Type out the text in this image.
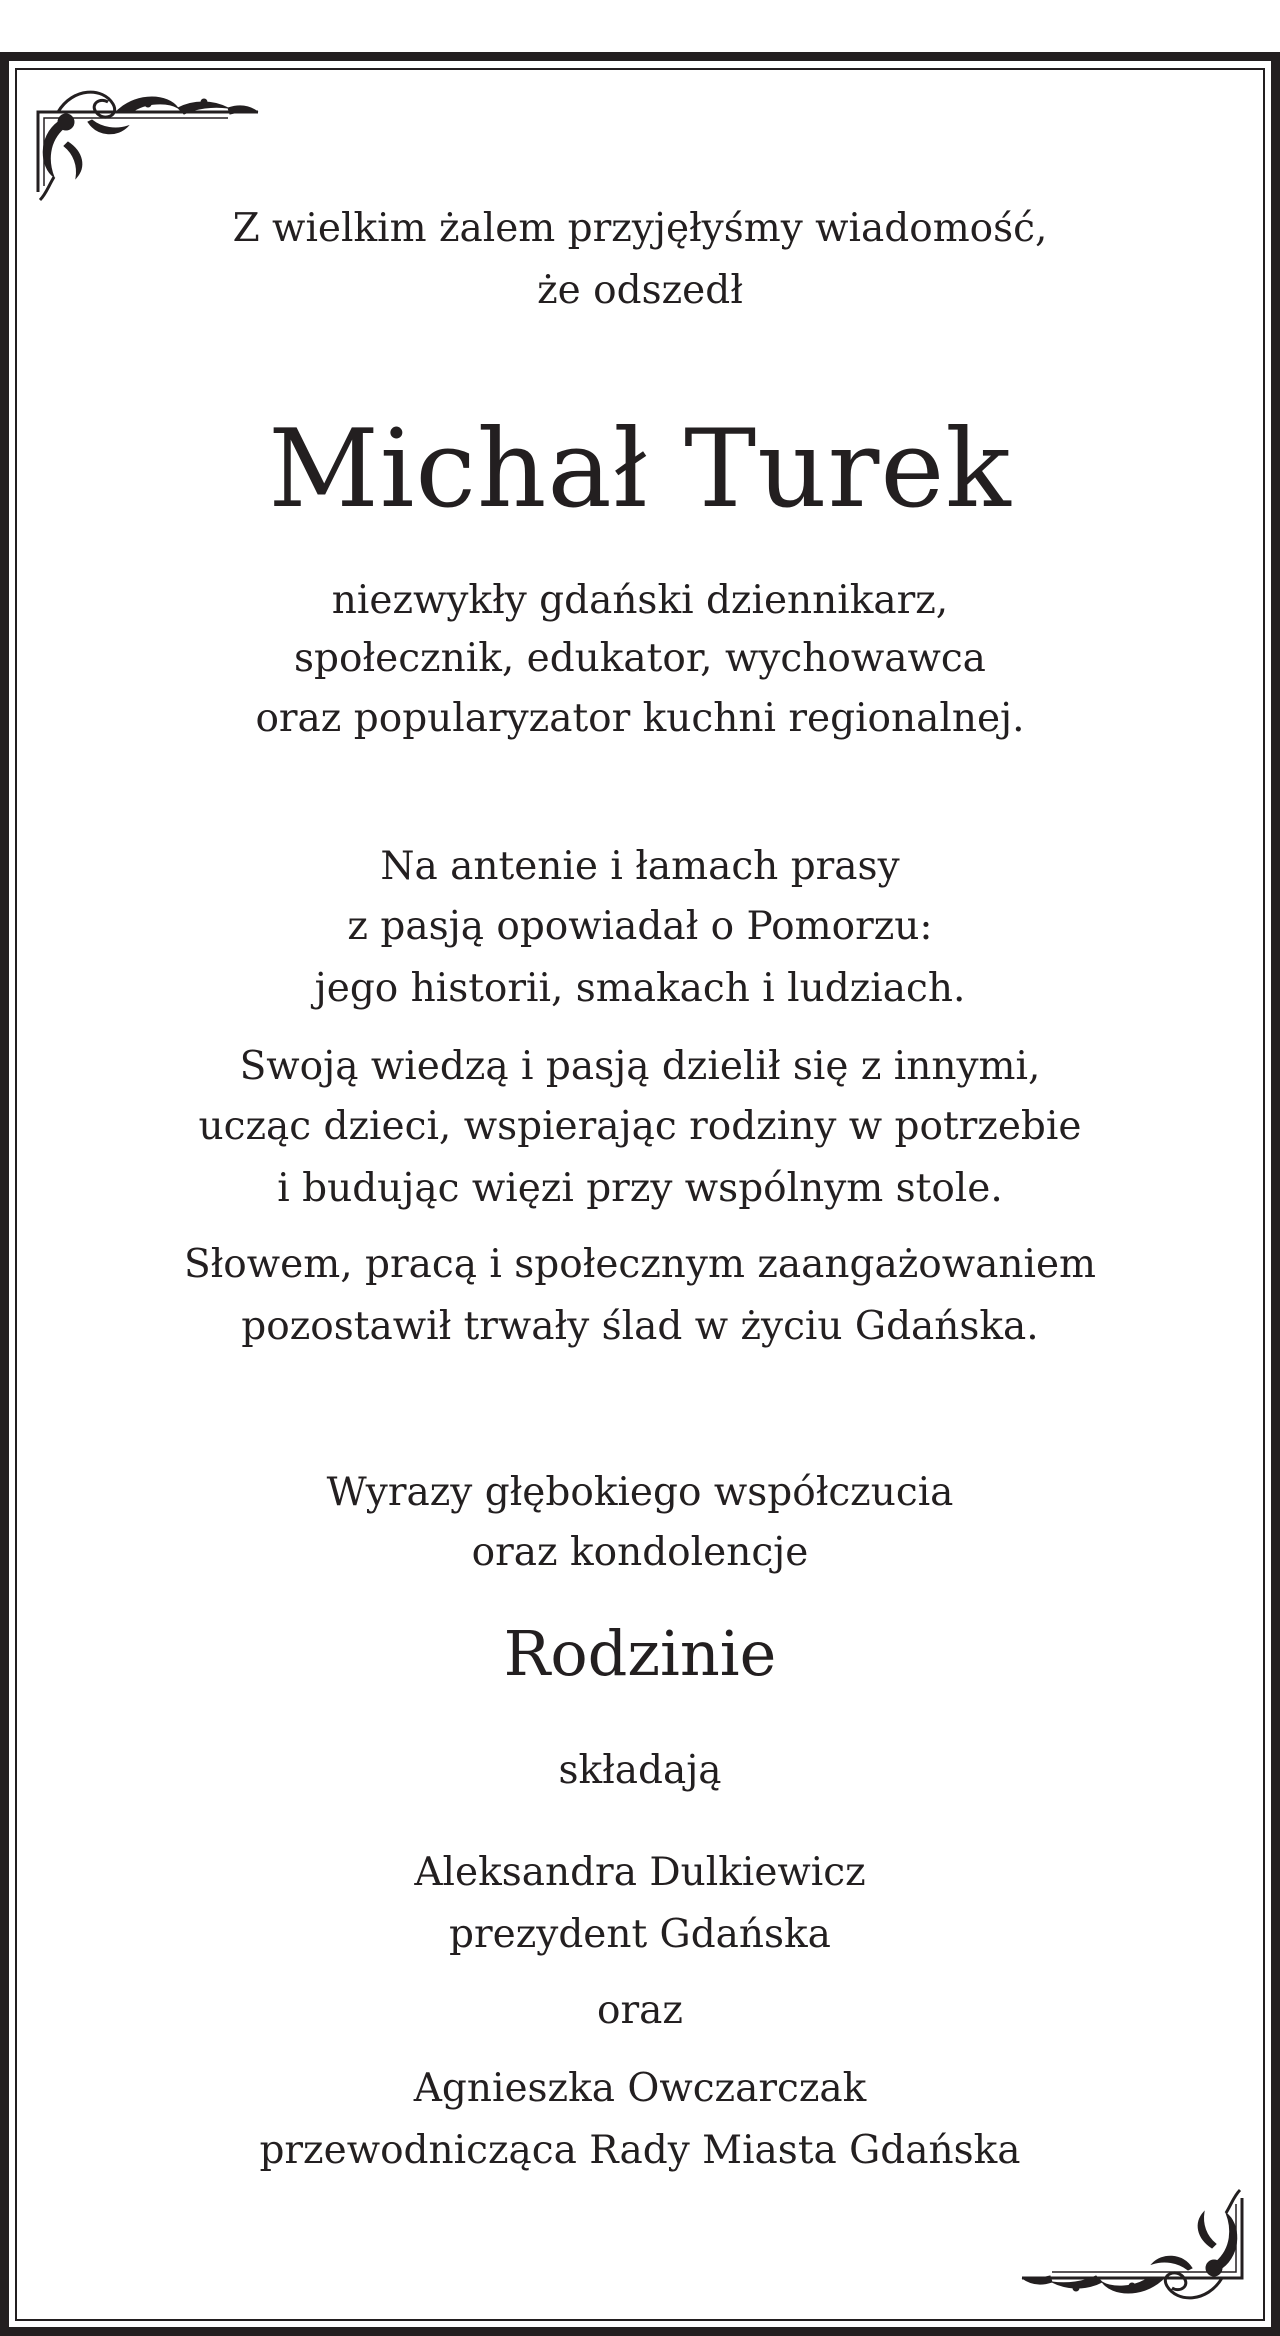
Z wielkim żalem przyjęłyśmy wiadomość,
że odszedł
Michał Turek
niezwykły gdański dziennikarz,
społecznik, edukator, wychowawca
oraz popularyzator kuchni regionalnej.
Na antenie i łamach prasy
z pasją opowiadał o Pomorzu:
jego historii, smakach i ludziach.
Swoją wiedzą i pasją dzielił się z innymi,
ucząc dzieci, wspierając rodziny w potrzebie
i budując więzi przy wspólnym stole.
Słowem, pracą i społecznym zaangażowaniem
pozostawił trwały ślad w życiu Gdańska.
Wyrazy głębokiego współczucia
oraz kondolencje
Rodzinie
składają
Aleksandra Dulkiewicz
prezydent Gdańska
oraz
Agnieszka Owczarczak
przewodnicząca Rady Miasta Gdańska
